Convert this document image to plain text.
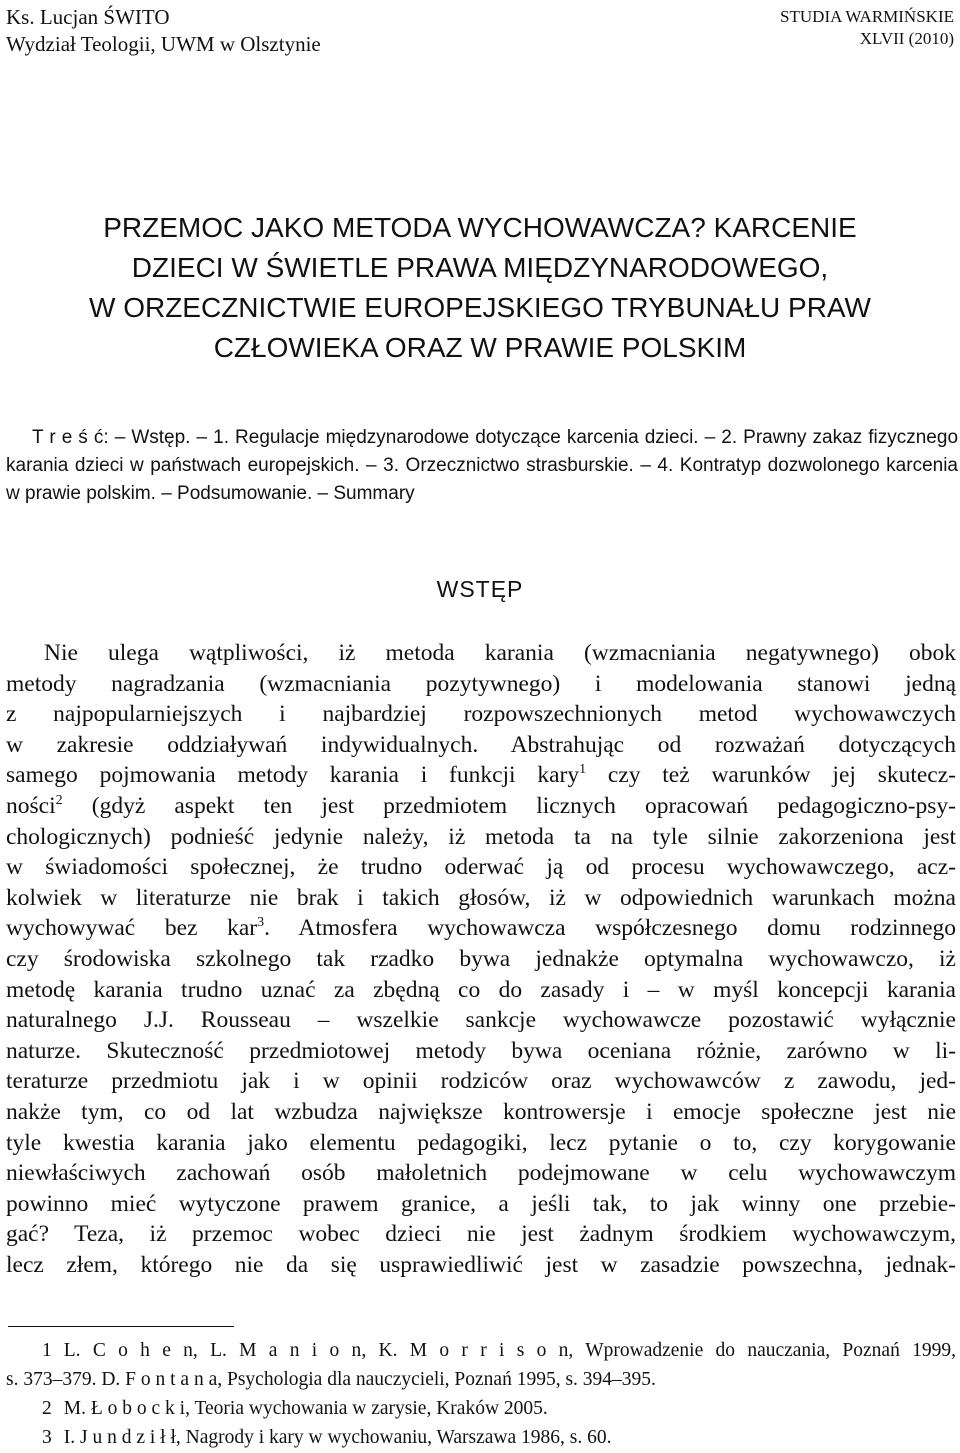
Ks. Lucjan ŚWITO
Wydział Teologii, UWM w Olsztynie
STUDIA WARMIŃSKIE
XLVII (2010)
PRZEMOC JAKO METODA WYCHOWAWCZA? KARCENIE
DZIECI W ŚWIETLE PRAWA MIĘDZYNARODOWEGO,
W ORZECZNICTWIE EUROPEJSKIEGO TRYBUNAŁU PRAW
CZŁOWIEKA ORAZ W PRAWIE POLSKIM
T r e ś ć: – Wstęp. – 1. Regulacje międzynarodowe dotyczące karcenia dzieci. – 2. Prawny zakaz fizycznego karania dzieci w państwach europejskich. – 3. Orzecznictwo strasburskie. – 4. Kontratyp dozwolonego karcenia w prawie polskim. – Podsumowanie. – Summary
WSTĘP
Nie ulega wątpliwości, iż metoda karania (wzmacniania negatywnego) obok
metody nagradzania (wzmacniania pozytywnego) i modelowania stanowi jedną
z najpopularniejszych i najbardziej rozpowszechnionych metod wychowawczych
w zakresie oddziaływań indywidualnych. Abstrahując od rozważań dotyczących
samego pojmowania metody karania i funkcji kary$^1$ czy też warunków jej skutecz-
ności$^2$ (gdyż aspekt ten jest przedmiotem licznych opracowań pedagogiczno-psy-
chologicznych) podnieść jedynie należy, iż metoda ta na tyle silnie zakorzeniona jest
w świadomości społecznej, że trudno oderwać ją od procesu wychowawczego, acz-
kolwiek w literaturze nie brak i takich głosów, iż w odpowiednich warunkach można
wychowywać bez kar$^3$. Atmosfera wychowawcza współczesnego domu rodzinnego
czy środowiska szkolnego tak rzadko bywa jednakże optymalna wychowawczo, iż
metodę karania trudno uznać za zbędną co do zasady i – w myśl koncepcji karania
naturalnego J.J. Rousseau – wszelkie sankcje wychowawcze pozostawić wyłącznie
naturze. Skuteczność przedmiotowej metody bywa oceniana różnie, zarówno w li-
teraturze przedmiotu jak i w opinii rodziców oraz wychowawców z zawodu, jed-
nakże tym, co od lat wzbudza największe kontrowersje i emocje społeczne jest nie
tyle kwestia karania jako elementu pedagogiki, lecz pytanie o to, czy korygowanie
niewłaściwych zachowań osób małoletnich podejmowane w celu wychowawczym
powinno mieć wytyczone prawem granice, a jeśli tak, to jak winny one przebie-
gać? Teza, iż przemoc wobec dzieci nie jest żadnym środkiem wychowawczym,
lecz złem, którego nie da się usprawiedliwić jest w zasadzie powszechna, jednak-
1 L. C o h e n, L. M a n i o n, K. M o r r i s o n, Wprowadzenie do nauczania, Poznań 1999,
s. 373–379. D. F o n t a n a, Psychologia dla nauczycieli, Poznań 1995, s. 394–395.
2 M. Ł o b o c k i, Teoria wychowania w zarysie, Kraków 2005.
3 I. J u n d z i ł ł, Nagrody i kary w wychowaniu, Warszawa 1986, s. 60.
